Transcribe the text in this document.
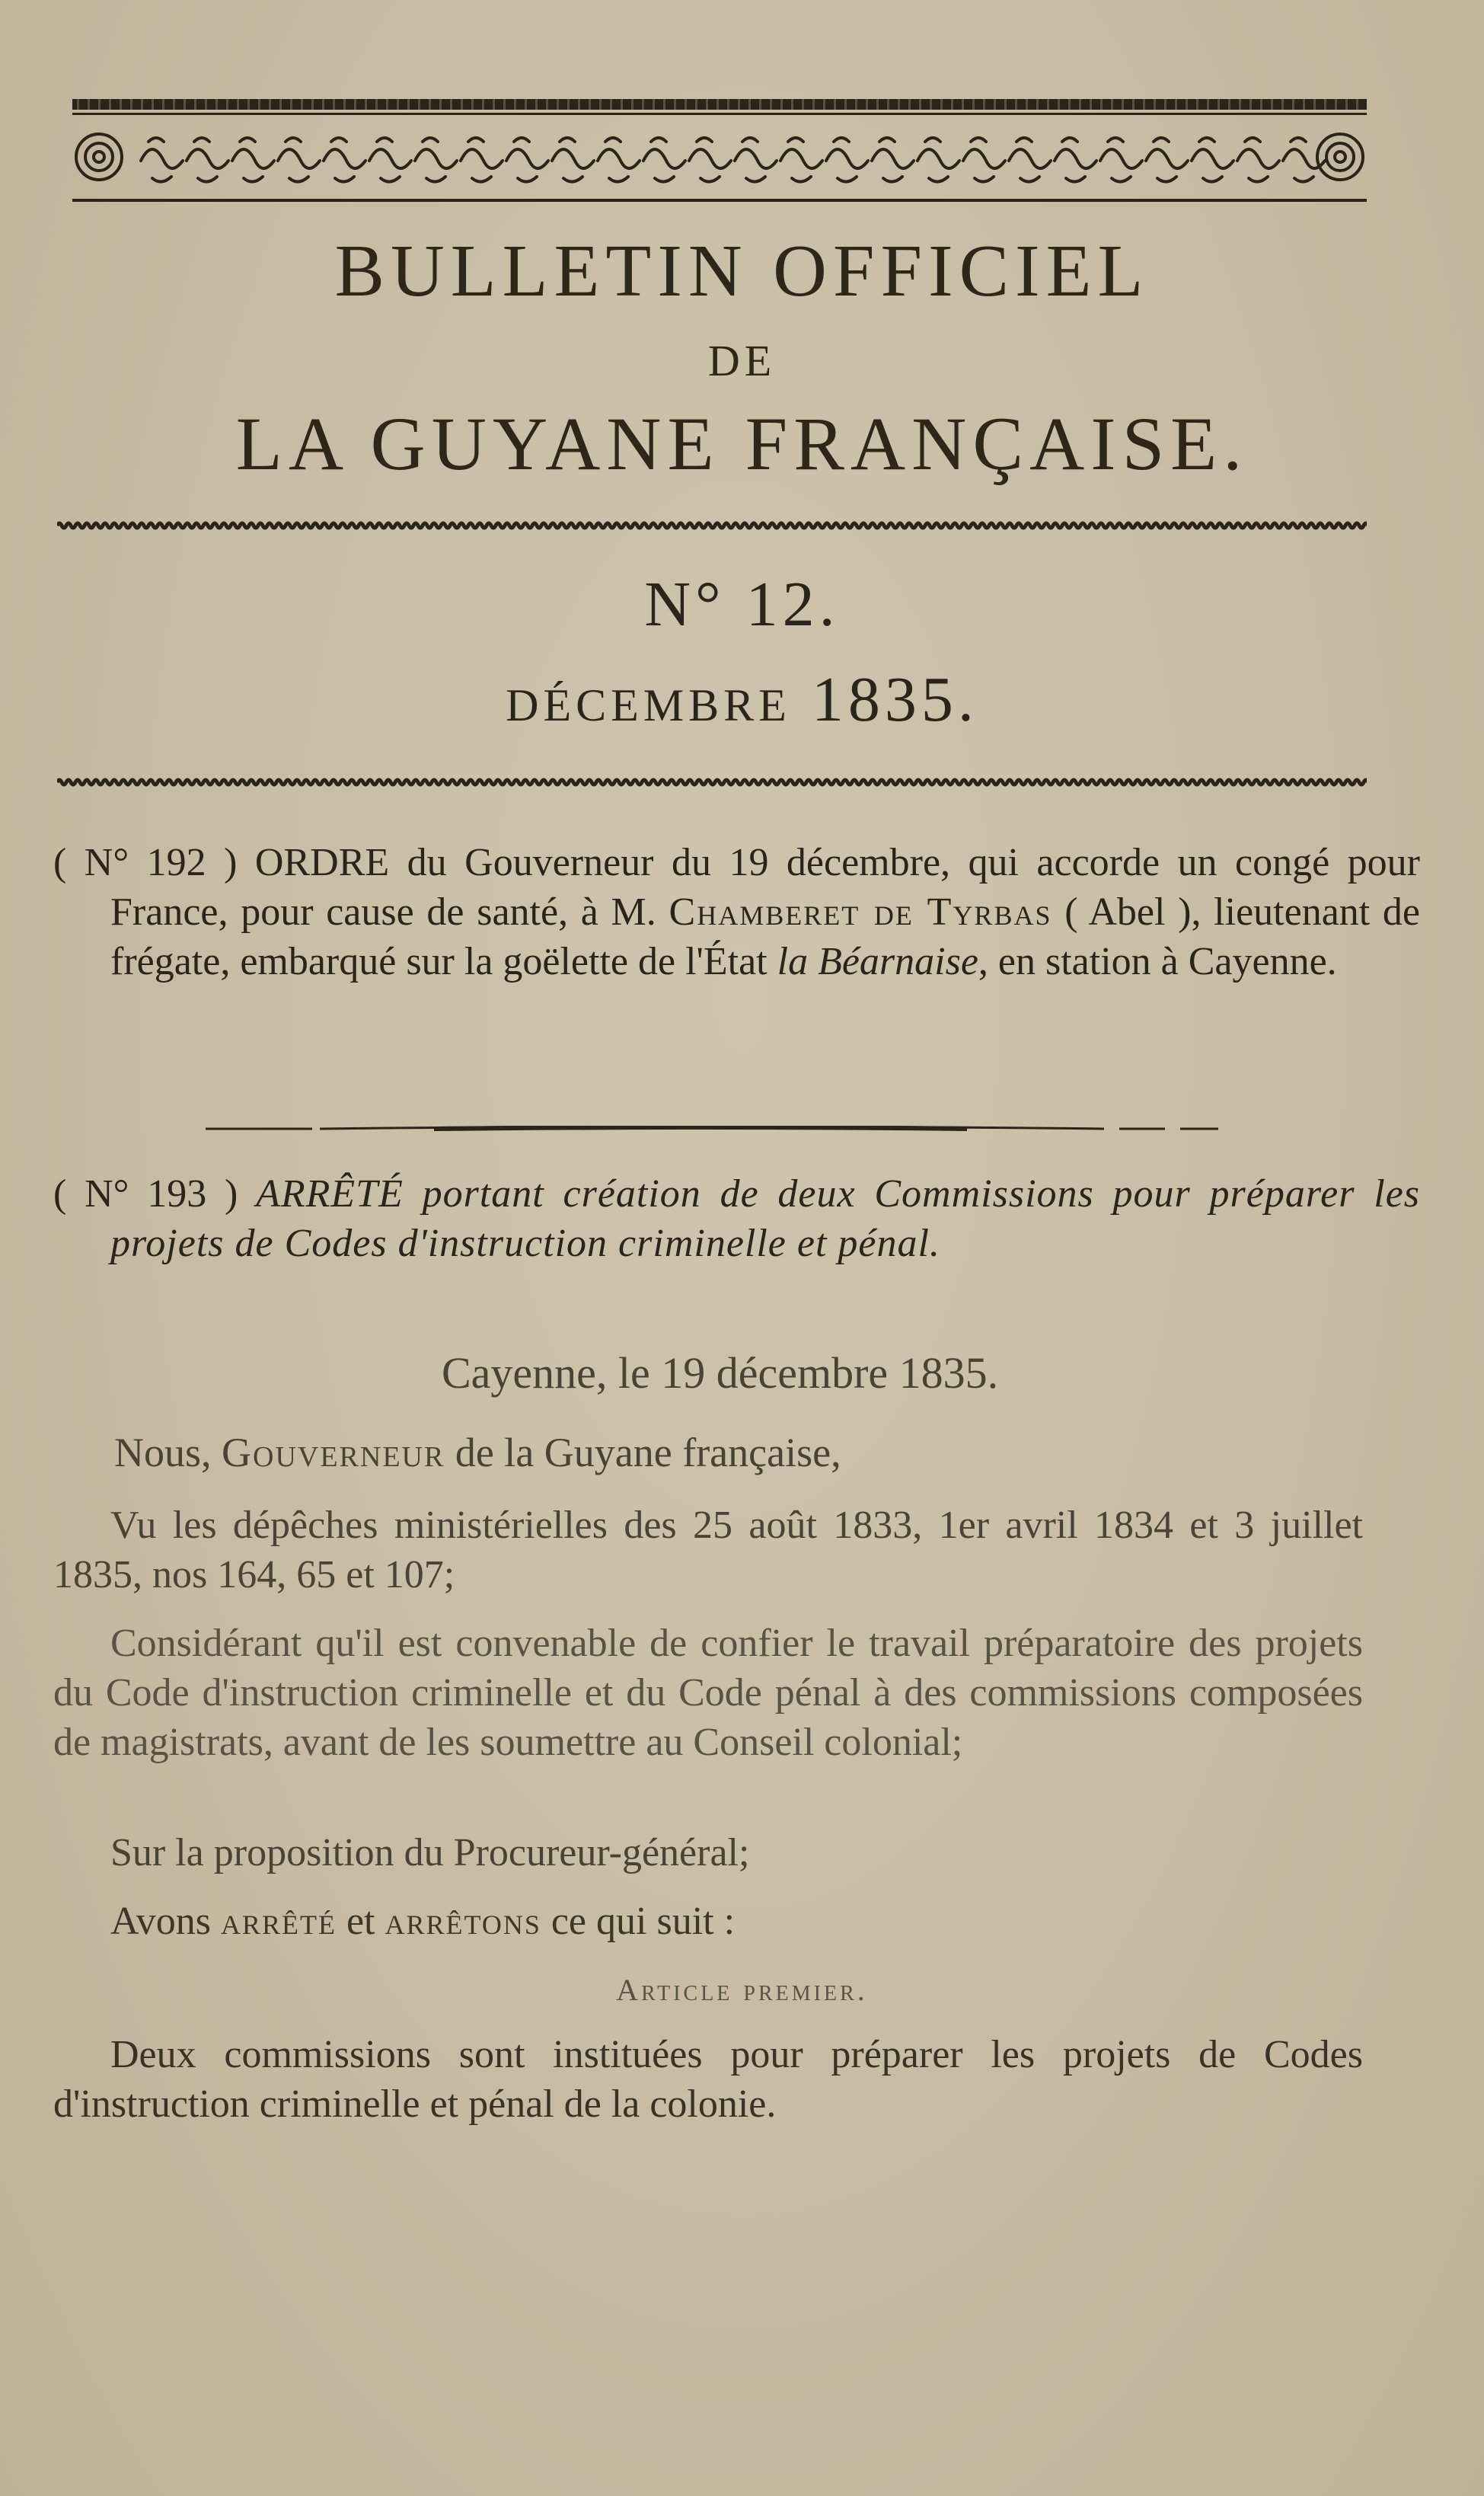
BULLETIN OFFICIEL
DE
LA GUYANE FRANÇAISE.
N° 12.
DÉCEMBRE 1835.
( N° 192 ) ORDRE du Gouverneur du 19 décembre, qui accorde un congé pour France, pour cause de santé, à M. Chamberet de Tyrbas ( Abel ), lieutenant de frégate, embarqué sur la goëlette de l'État la Béarnaise, en station à Cayenne.
( N° 193 ) ARRÊTÉ portant création de deux Commissions pour préparer les projets de Codes d'instruction criminelle et pénal.
Cayenne, le 19 décembre 1835.
Nous, Gouverneur de la Guyane française,
Vu les dépêches ministérielles des 25 août 1833, 1er avril 1834 et 3 juillet 1835, nos 164, 65 et 107;
Considérant qu'il est convenable de confier le travail préparatoire des projets du Code d'instruction criminelle et du Code pénal à des commissions composées de magistrats, avant de les soumettre au Conseil colonial;
Sur la proposition du Procureur-général;
Avons arrêté et arrêtons ce qui suit :
Article premier.
Deux commissions sont instituées pour préparer les projets de Codes d'instruction criminelle et pénal de la colonie.
